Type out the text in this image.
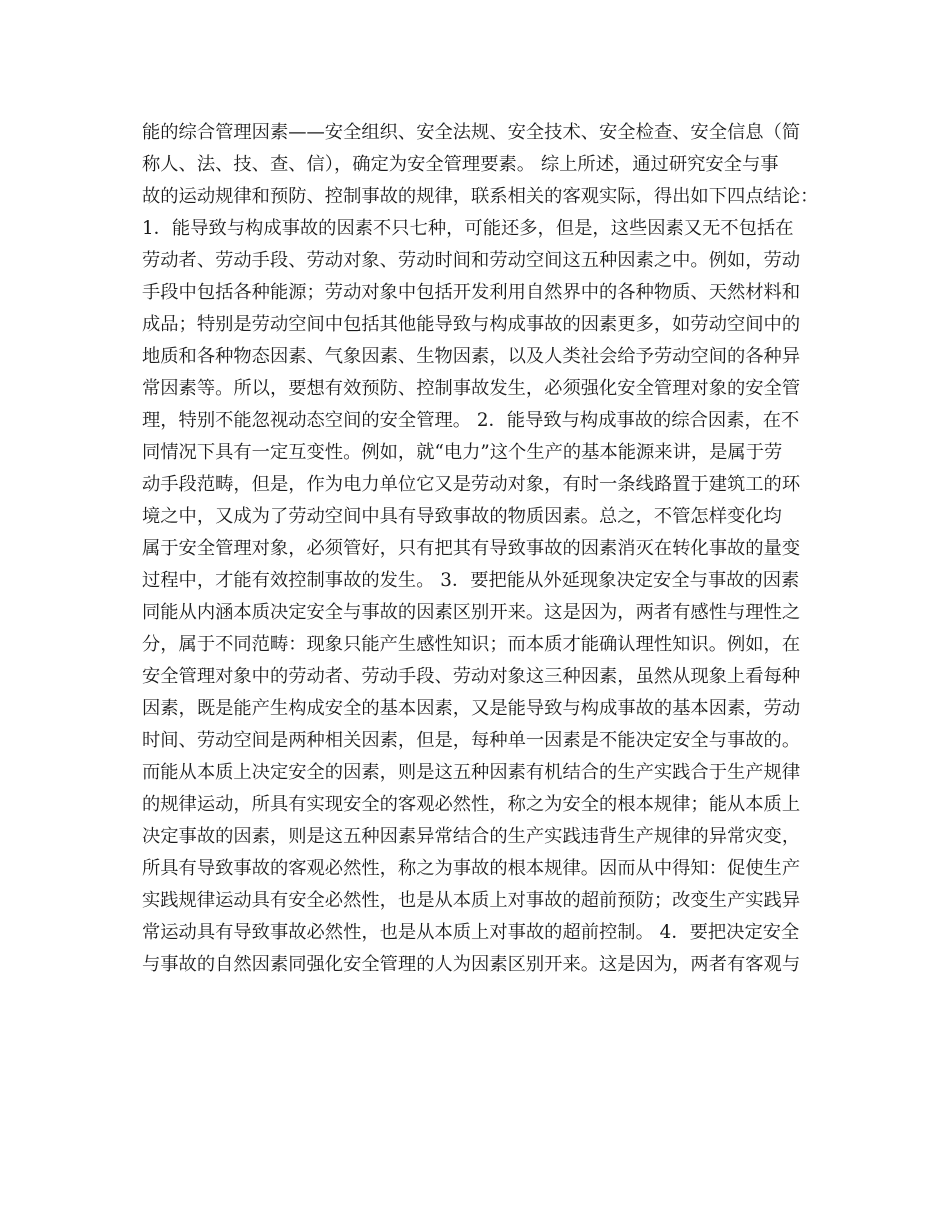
能的综合管理因素——安全组织、安全法规、安全技术、安全检查、安全信息（简
称人、法、技、查、信），确定为安全管理要素。 综上所述，通过研究安全与事
故的运动规律和预防、控制事故的规律，联系相关的客观实际，得出如下四点结论：
1．能导致与构成事故的因素不只七种，可能还多，但是，这些因素又无不包括在
劳动者、劳动手段、劳动对象、劳动时间和劳动空间这五种因素之中。例如，劳动
手段中包括各种能源；劳动对象中包括开发利用自然界中的各种物质、天然材料和
成品；特别是劳动空间中包括其他能导致与构成事故的因素更多，如劳动空间中的
地质和各种物态因素、气象因素、生物因素，以及人类社会给予劳动空间的各种异
常因素等。所以，要想有效预防、控制事故发生，必须强化安全管理对象的安全管
理，特别不能忽视动态空间的安全管理。 2．能导致与构成事故的综合因素，在不
同情况下具有一定互变性。例如，就“电力”这个生产的基本能源来讲，是属于劳
动手段范畴，但是，作为电力单位它又是劳动对象，有时一条线路置于建筑工的环
境之中，又成为了劳动空间中具有导致事故的物质因素。总之，不管怎样变化均
属于安全管理对象，必须管好，只有把其有导致事故的因素消灭在转化事故的量变
过程中，才能有效控制事故的发生。 3．要把能从外延现象决定安全与事故的因素
同能从内涵本质决定安全与事故的因素区别开来。这是因为，两者有感性与理性之
分，属于不同范畴：现象只能产生感性知识；而本质才能确认理性知识。例如，在
安全管理对象中的劳动者、劳动手段、劳动对象这三种因素，虽然从现象上看每种
因素，既是能产生构成安全的基本因素，又是能导致与构成事故的基本因素，劳动
时间、劳动空间是两种相关因素，但是，每种单一因素是不能决定安全与事故的。
而能从本质上决定安全的因素，则是这五种因素有机结合的生产实践合于生产规律
的规律运动，所具有实现安全的客观必然性，称之为安全的根本规律；能从本质上
决定事故的因素，则是这五种因素异常结合的生产实践违背生产规律的异常灾变，
所具有导致事故的客观必然性，称之为事故的根本规律。因而从中得知：促使生产
实践规律运动具有安全必然性，也是从本质上对事故的超前预防；改变生产实践异
常运动具有导致事故必然性，也是从本质上对事故的超前控制。 4．要把决定安全
与事故的自然因素同强化安全管理的人为因素区别开来。这是因为，两者有客观与
